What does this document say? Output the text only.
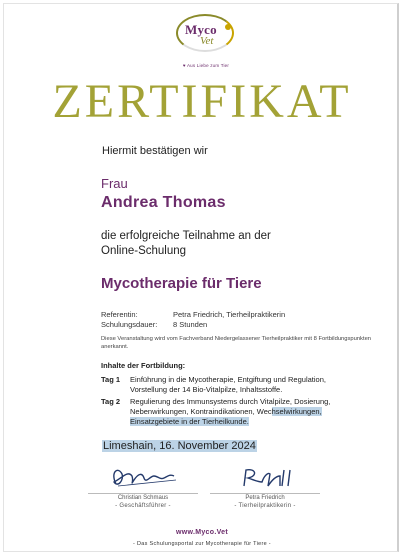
Myco
Vet
♥ Aus Liebe zum Tier
ZERTIFIKAT
Hiermit bestätigen wir
Frau
Andrea Thomas
die erfolgreiche Teilnahme an der
Online-Schulung
Mycotherapie für Tiere
Referentin:	Petra Friedrich, Tierheilpraktikerin
Schulungsdauer: 8 Stunden
Diese Veranstaltung wird vom Fachverband Niedergelassener Tierheilpraktiker mit 8 Fortbildungspunkten anerkannt.
Inhalte der Fortbildung:
Tag 1 Einführung in die Mycotherapie, Entgiftung und Regulation,
Vorstellung der 14 Bio-Vitalpilze, Inhaltsstoffe.
Tag 2 Regulierung des Immunsystems durch Vitalpilze, Dosierung,
Nebenwirkungen, Kontraindikationen, Wechselwirkungen,
Einsatzgebiete in der Tierheilkunde.
Limeshain, 16. November 2024
Christian Schmaus
- Geschäftsführer -
Petra Friedrich
- Tierheilpraktikerin -
www.Myco.Vet
- Das Schulungsportal zur Mycotherapie für Tiere -
